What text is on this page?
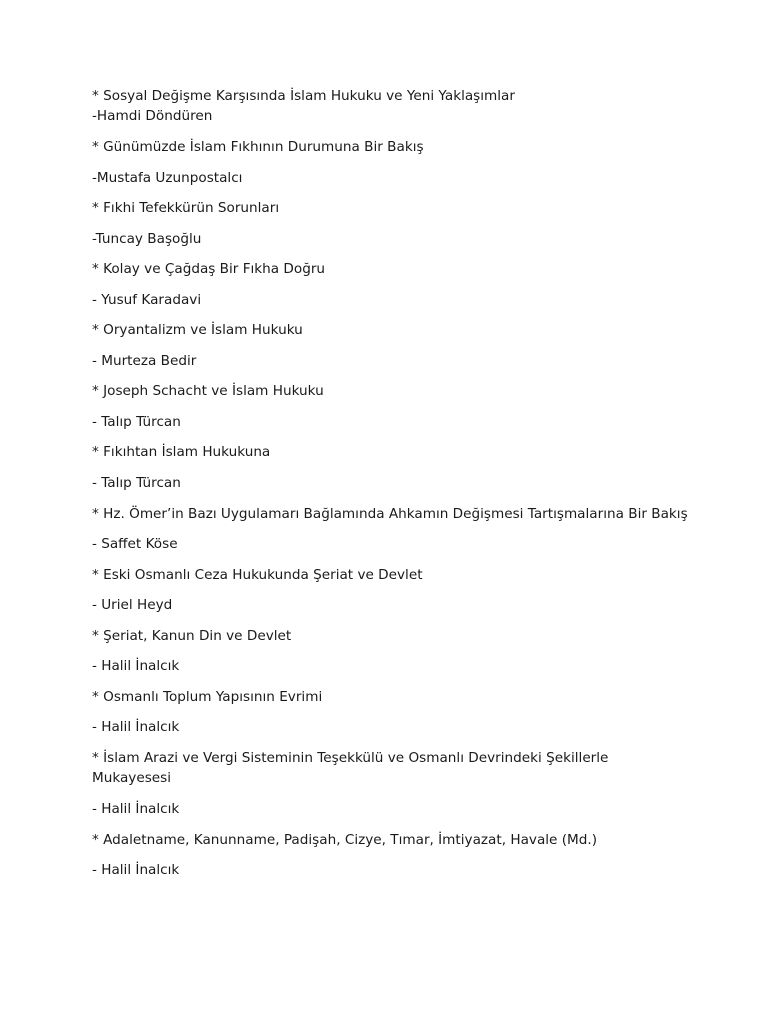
* Sosyal Değişme Karşısında İslam Hukuku ve Yeni Yaklaşımlar
-Hamdi Döndüren
* Günümüzde İslam Fıkhının Durumuna Bir Bakış
-Mustafa Uzunpostalcı
* Fıkhi Tefekkürün Sorunları
-Tuncay Başoğlu
* Kolay ve Çağdaş Bir Fıkha Doğru
- Yusuf Karadavi
* Oryantalizm ve İslam Hukuku
- Murteza Bedir
* Joseph Schacht ve İslam Hukuku
- Talıp Türcan
* Fıkıhtan İslam Hukukuna
- Talıp Türcan
* Hz. Ömer’in Bazı Uygulamarı Bağlamında Ahkamın Değişmesi Tartışmalarına Bir Bakış
- Saffet Köse
* Eski Osmanlı Ceza Hukukunda Şeriat ve Devlet
- Uriel Heyd
* Şeriat, Kanun Din ve Devlet
- Halil İnalcık
* Osmanlı Toplum Yapısının Evrimi
- Halil İnalcık
* İslam Arazi ve Vergi Sisteminin Teşekkülü ve Osmanlı Devrindeki Şekillerle Mukayesesi
- Halil İnalcık
* Adaletname, Kanunname, Padişah, Cizye, Tımar, İmtiyazat, Havale (Md.)
- Halil İnalcık
